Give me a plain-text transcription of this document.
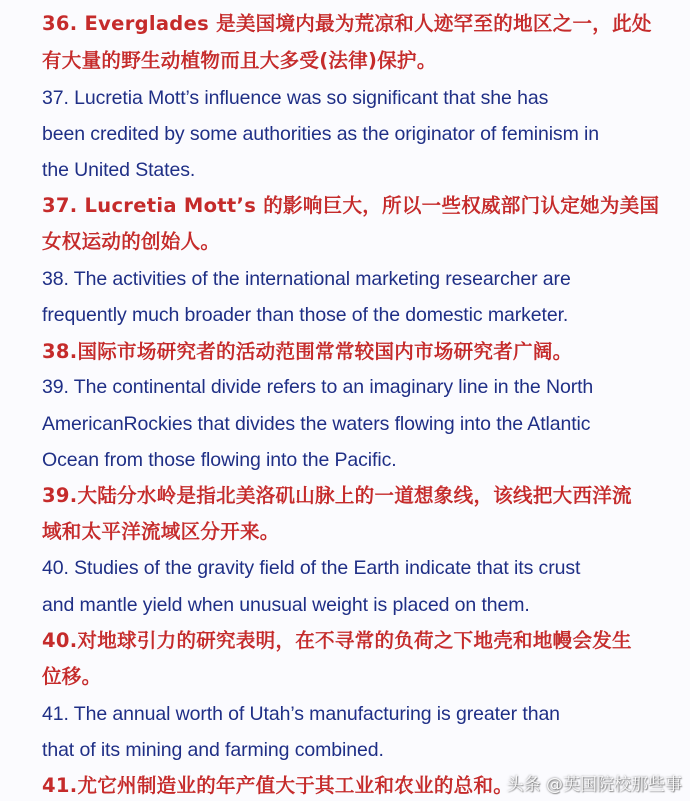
36. Everglades 是美国境内最为荒凉和人迹罕至的地区之一，此处
有大量的野生动植物而且大多受(法律)保护。
37. Lucretia Mott’s influence was so significant that she has
been credited by some authorities as the originator of feminism in
the United States.
37. Lucretia Mott’s 的影响巨大，所以一些权威部门认定她为美国
女权运动的创始人。
38. The activities of the international marketing researcher are
frequently much broader than those of the domestic marketer.
38.国际市场研究者的活动范围常常较国内市场研究者广阔。
39. The continental divide refers to an imaginary line in the North
AmericanRockies that divides the waters flowing into the Atlantic
Ocean from those flowing into the Pacific.
39.大陆分水岭是指北美洛矶山脉上的一道想象线，该线把大西洋流
域和太平洋流域区分开来。
40. Studies of the gravity field of the Earth indicate that its crust
and mantle yield when unusual weight is placed on them.
40.对地球引力的研究表明，在不寻常的负荷之下地壳和地幔会发生
位移。
41. The annual worth of Utah’s manufacturing is greater than
that of its mining and farming combined.
41.尤它州制造业的年产值大于其工业和农业的总和。
头条 @英国院校那些事
